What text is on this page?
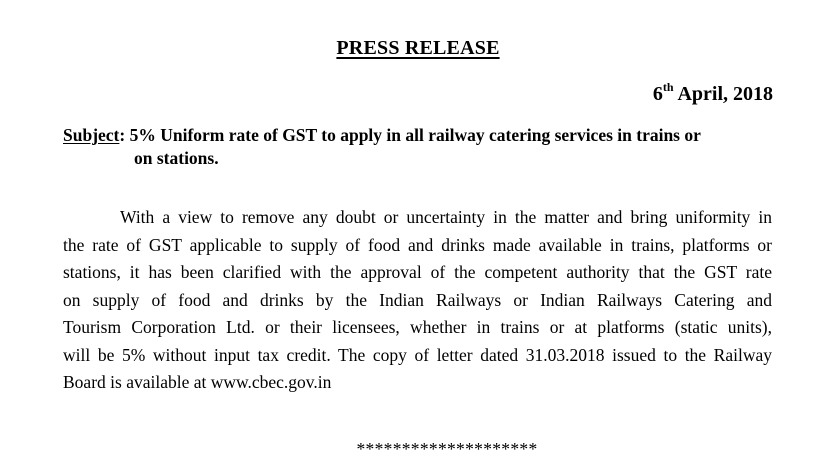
PRESS RELEASE
6th April, 2018
Subject: 5% Uniform rate of GST to apply in all railway catering services in trains or
on stations.
With a view to remove any doubt or uncertainty in the matter and bring uniformity in
the rate of GST applicable to supply of food and drinks made available in trains, platforms or
stations, it has been clarified with the approval of the competent authority that the GST rate
on supply of food and drinks by the Indian Railways or Indian Railways Catering and
Tourism Corporation Ltd. or their licensees, whether in trains or at platforms (static units),
will be 5% without input tax credit. The copy of letter dated 31.03.2018 issued to the Railway
Board is available at www.cbec.gov.in
********************
